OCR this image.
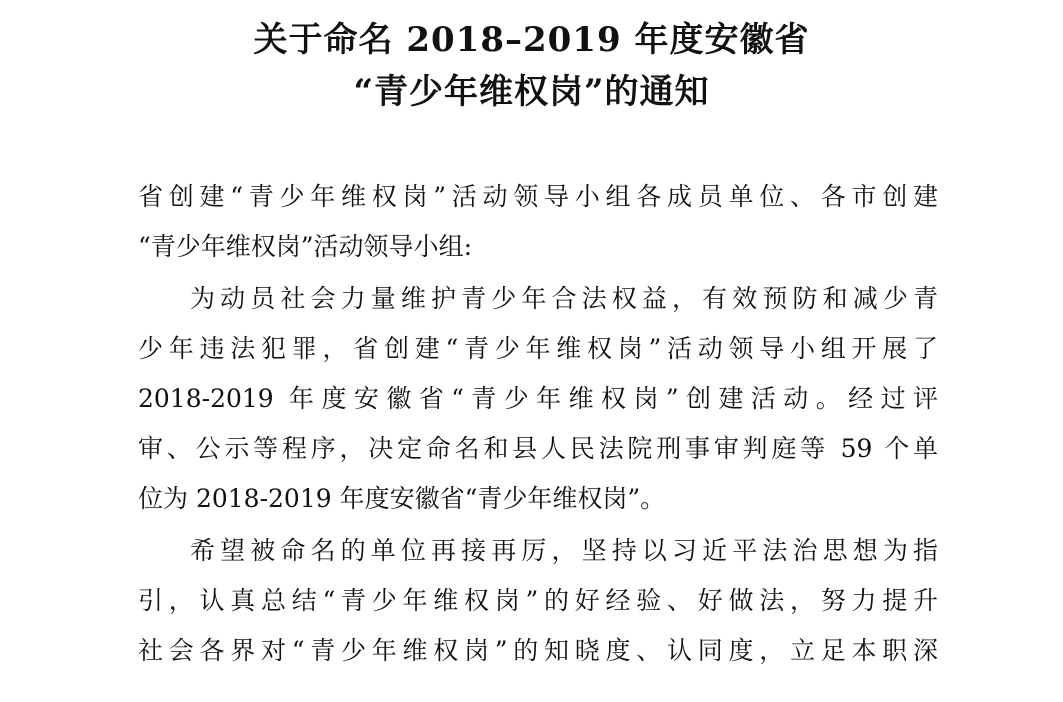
关于命名 2018–2019 年度安徽省
“青少年维权岗”的通知
省创建“青少年维权岗”活动领导小组各成员单位、各市创建
“青少年维权岗”活动领导小组:
为动员社会力量维护青少年合法权益，有效预防和减少青
少年违法犯罪，省创建“青少年维权岗”活动领导小组开展了
2018-2019 年度安徽省“青少年维权岗”创建活动。经过评
审、公示等程序，决定命名和县人民法院刑事审判庭等 59 个单
位为 2018-2019 年度安徽省“青少年维权岗”。
希望被命名的单位再接再厉，坚持以习近平法治思想为指
引，认真总结“青少年维权岗”的好经验、好做法，努力提升
社会各界对“青少年维权岗”的知晓度、认同度，立足本职深
